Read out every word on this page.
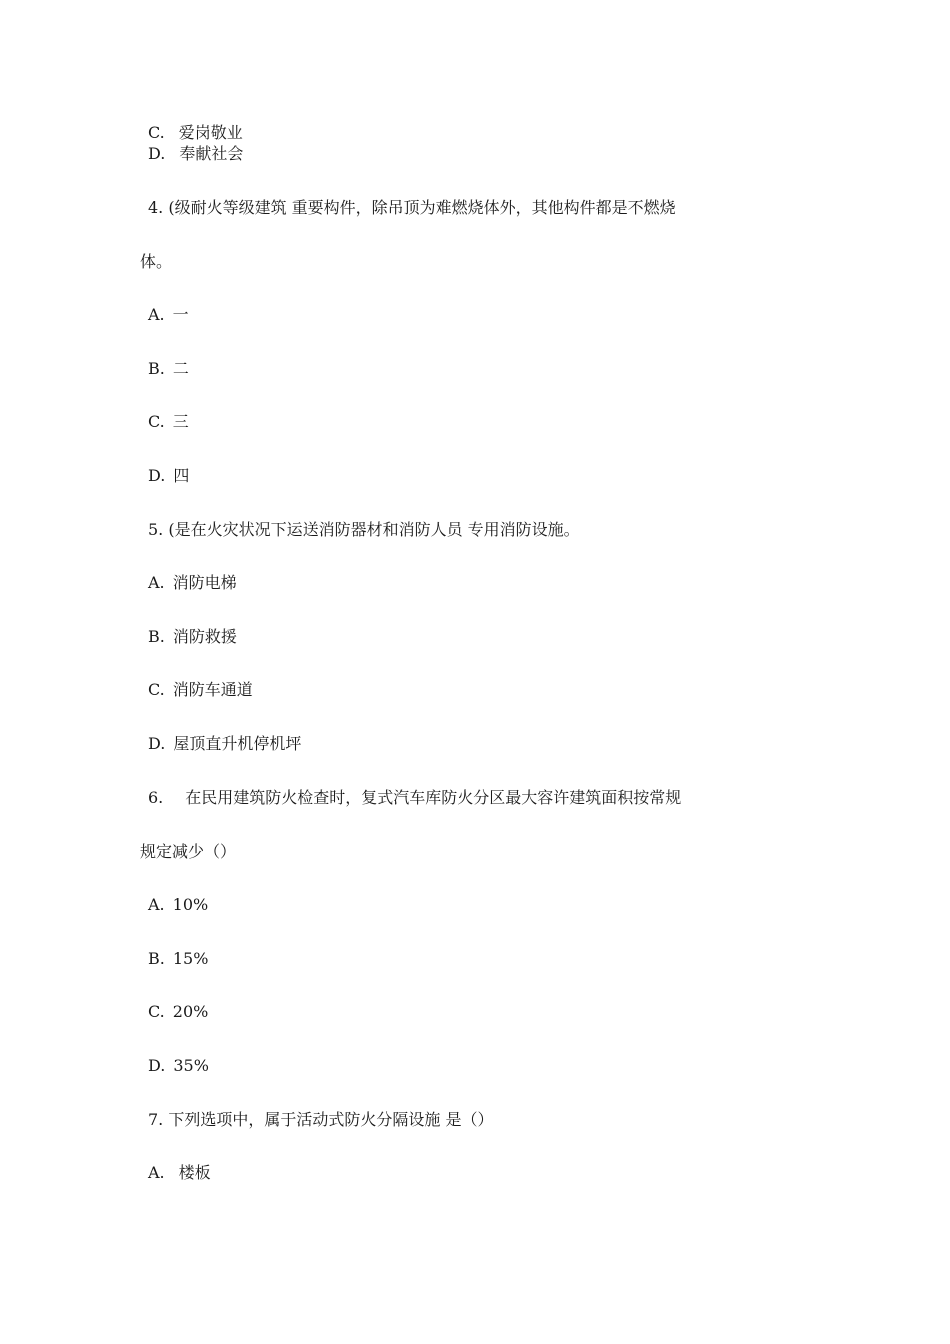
C. 爱岗敬业
D. 奉献社会
4. (级耐火等级建筑 重要构件，除吊顶为难燃烧体外，其他构件都是不燃烧
体。
A. 一
B. 二
C. 三
D. 四
5. (是在火灾状况下运送消防器材和消防人员 专用消防设施。
A. 消防电梯
B. 消防救援
C. 消防车通道
D. 屋顶直升机停机坪
6. 在民用建筑防火检查时，复式汽车库防火分区最大容许建筑面积按常规
规定减少（）
A. 10%
B. 15%
C. 20%
D. 35%
7. 下列选项中，属于活动式防火分隔设施 是（）
A. 楼板
